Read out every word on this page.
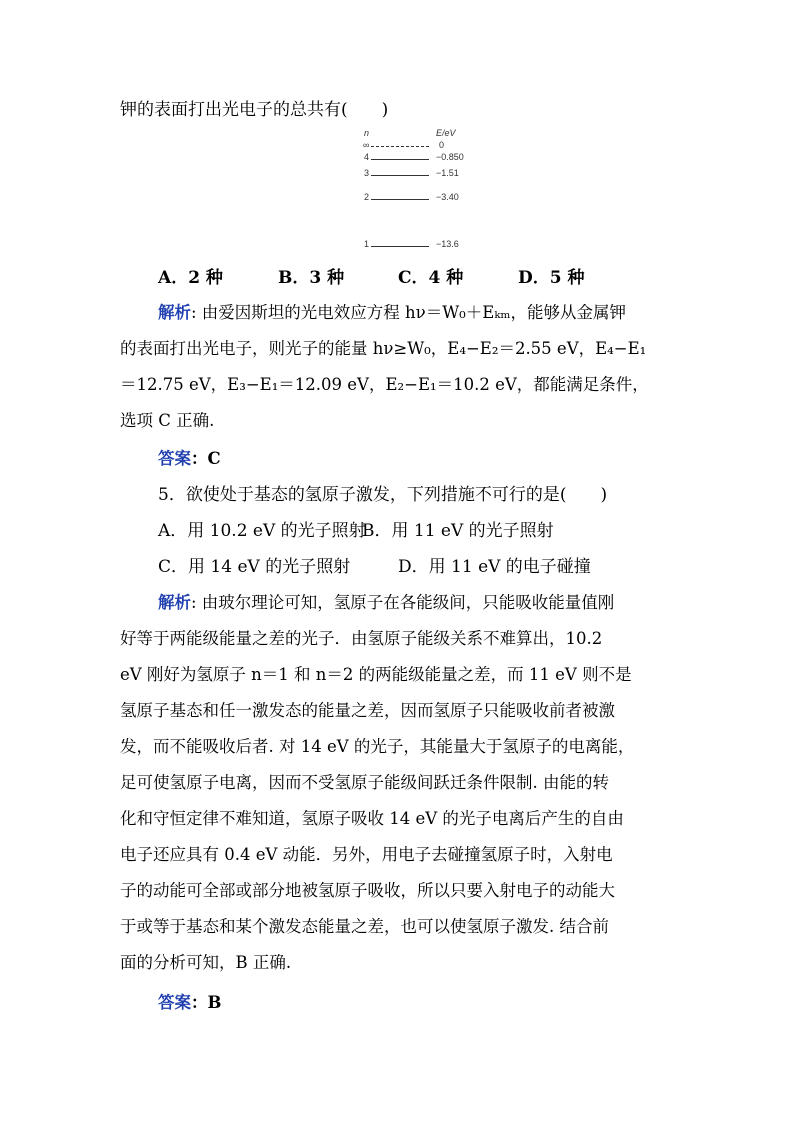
钾的表面打出光电子的总共有(　　)
n	E/eV
∞	0
4	−0.850
3	−1.51
2	−3.40
1	−13.6
A．2 种	B．3 种	C．4 种	D．5 种
解析: 由爱因斯坦的光电效应方程 hν＝W₀＋Eₖₘ，能够从金属钾
的表面打出光电子，则光子的能量 hν≥W₀，E₄−E₂＝2.55 eV，E₄−E₁
＝12.75 eV，E₃−E₁＝12.09 eV，E₂−E₁＝10.2 eV，都能满足条件，
选项 C 正确.
答案：C
5．欲使处于基态的氢原子激发，下列措施不可行的是(　　)
A．用 10.2 eV 的光子照射
B．用 11 eV 的光子照射
C．用 14 eV 的光子照射	D．用 11 eV 的电子碰撞
解析: 由玻尔理论可知，氢原子在各能级间，只能吸收能量值刚
好等于两能级能量之差的光子．由氢原子能级关系不难算出，10.2
eV 刚好为氢原子 n＝1 和 n＝2 的两能级能量之差，而 11 eV 则不是
氢原子基态和任一激发态的能量之差，因而氢原子只能吸收前者被激
发，而不能吸收后者. 对 14 eV 的光子，其能量大于氢原子的电离能，
足可使氢原子电离，因而不受氢原子能级间跃迁条件限制. 由能的转
化和守恒定律不难知道，氢原子吸收 14 eV 的光子电离后产生的自由
电子还应具有 0.4 eV 动能．另外，用电子去碰撞氢原子时，入射电
子的动能可全部或部分地被氢原子吸收，所以只要入射电子的动能大
于或等于基态和某个激发态能量之差，也可以使氢原子激发. 结合前
面的分析可知，B 正确.
答案：B
